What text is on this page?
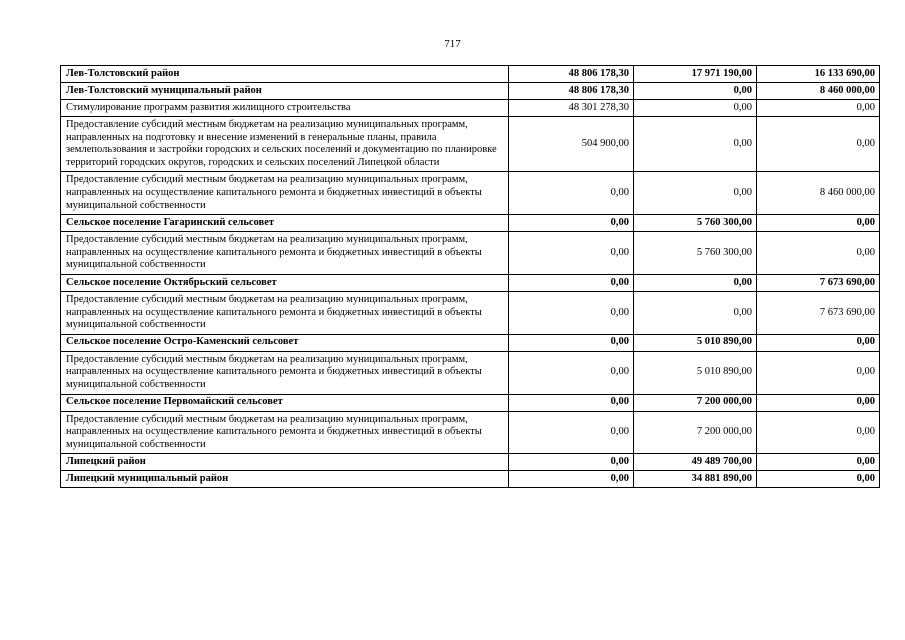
717
Лев-Толстовский район	48 806 178,30	17 971 190,00	16 133 690,00
Лев-Толстовский муниципальный район	48 806 178,30	0,00	8 460 000,00
Стимулирование программ развития жилищного строительства	48 301 278,30	0,00	0,00
Предоставление субсидий местным бюджетам на реализацию муниципальных программ, направленных на подготовку и внесение изменений в генеральные планы, правила землепользования и застройки городских и сельских поселений и документацию по планировке территорий городских округов, городских и сельских поселений Липецкой области	504 900,00	0,00	0,00
Предоставление субсидий местным бюджетам на реализацию муниципальных программ, направленных на осуществление капитального ремонта и бюджетных инвестиций в объекты муниципальной собственности	0,00	0,00	8 460 000,00
Сельское поселение Гагаринский сельсовет	0,00	5 760 300,00	0,00
Предоставление субсидий местным бюджетам на реализацию муниципальных программ, направленных на осуществление капитального ремонта и бюджетных инвестиций в объекты муниципальной собственности	0,00	5 760 300,00	0,00
Сельское поселение Октябрьский сельсовет	0,00	0,00	7 673 690,00
Предоставление субсидий местным бюджетам на реализацию муниципальных программ, направленных на осуществление капитального ремонта и бюджетных инвестиций в объекты муниципальной собственности	0,00	0,00	7 673 690,00
Сельское поселение Остро-Каменский сельсовет	0,00	5 010 890,00	0,00
Предоставление субсидий местным бюджетам на реализацию муниципальных программ, направленных на осуществление капитального ремонта и бюджетных инвестиций в объекты муниципальной собственности	0,00	5 010 890,00	0,00
Сельское поселение Первомайский сельсовет	0,00	7 200 000,00	0,00
Предоставление субсидий местным бюджетам на реализацию муниципальных программ, направленных на осуществление капитального ремонта и бюджетных инвестиций в объекты муниципальной собственности	0,00	7 200 000,00	0,00
Липецкий район	0,00	49 489 700,00	0,00
Липецкий муниципальный район	0,00	34 881 890,00	0,00
